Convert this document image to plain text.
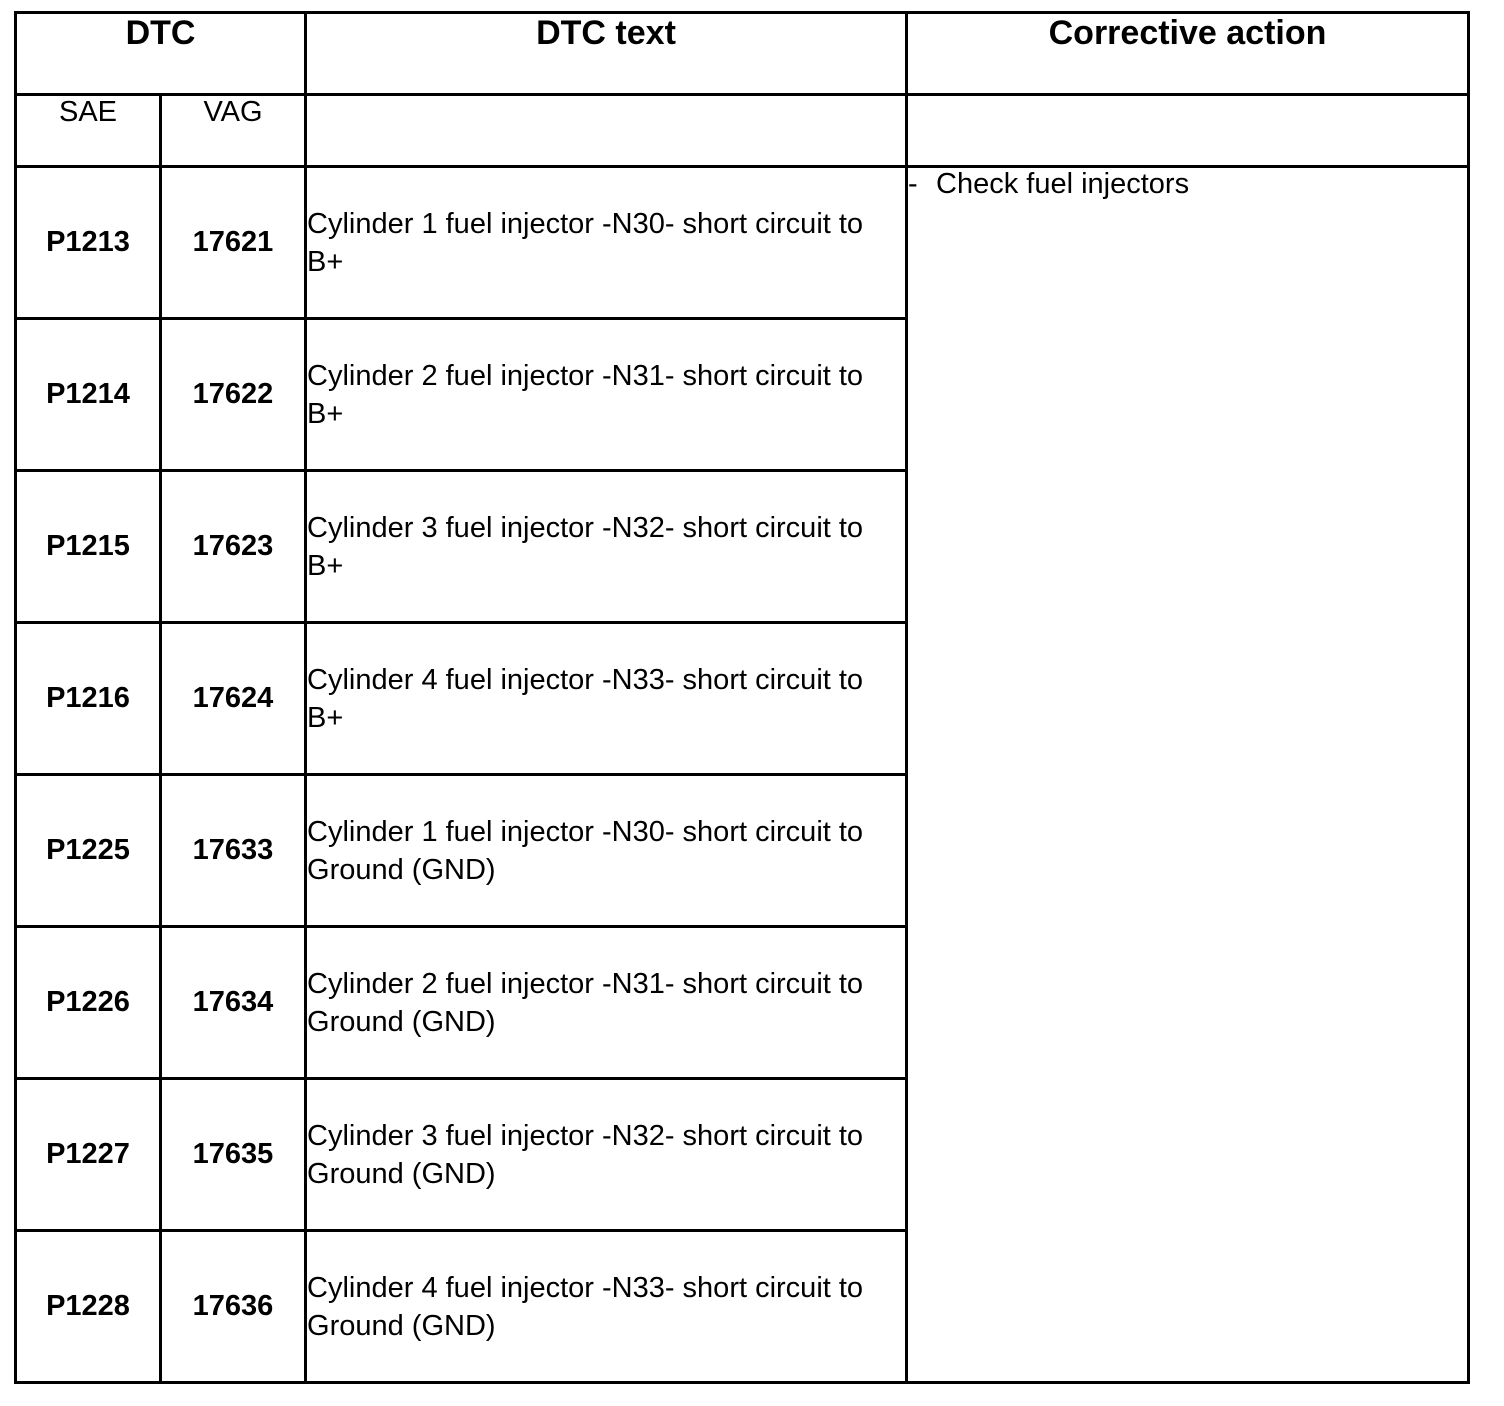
DTC		DTC text	Corrective action
SAE	VAG		
P1213	17621	Cylinder 1 fuel injector -N30- short circuit to B+	- Check fuel injectors
P1214	17622	Cylinder 2 fuel injector -N31- short circuit to B+	
P1215	17623	Cylinder 3 fuel injector -N32- short circuit to B+	
P1216	17624	Cylinder 4 fuel injector -N33- short circuit to B+	
P1225	17633	Cylinder 1 fuel injector -N30- short circuit to Ground (GND)	
P1226	17634	Cylinder 2 fuel injector -N31- short circuit to Ground (GND)	
P1227	17635	Cylinder 3 fuel injector -N32- short circuit to Ground (GND)	
P1228	17636	Cylinder 4 fuel injector -N33- short circuit to Ground (GND)	
